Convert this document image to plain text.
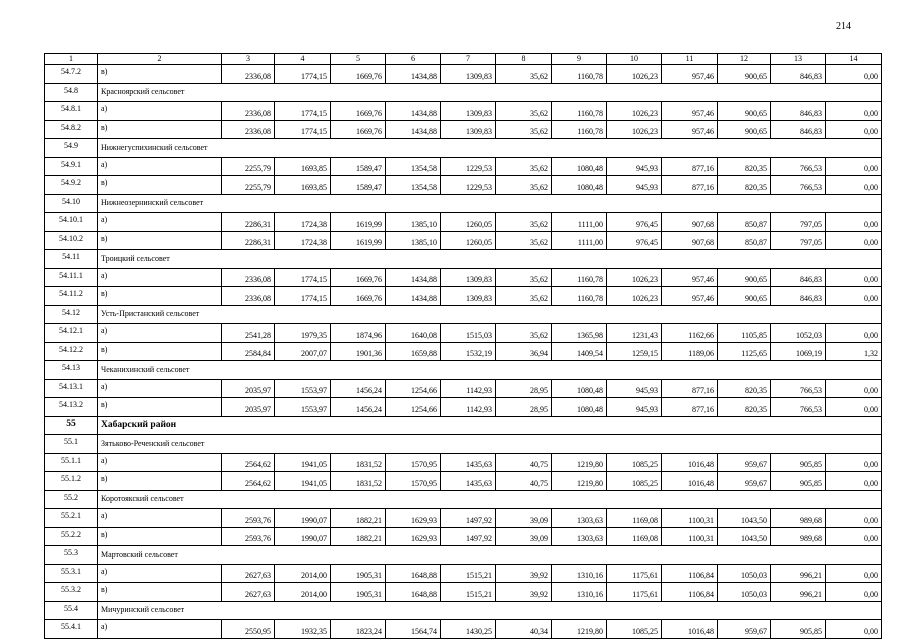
214
1	2	3	4	5	6	7	8	9	10	11	12	13	14
54.7.2	в)	2336,08	1774,15	1669,76	1434,88	1309,83	35,62	1160,78	1026,23	957,46	900,65	846,83	0,00
54.8	Красноярский сельсовет												
54.8.1	а)	2336,08	1774,15	1669,76	1434,88	1309,83	35,62	1160,78	1026,23	957,46	900,65	846,83	0,00
54.8.2	в)	2336,08	1774,15	1669,76	1434,88	1309,83	35,62	1160,78	1026,23	957,46	900,65	846,83	0,00
54.9	Нижнегуспихинский сельсовет												
54.9.1	а)	2255,79	1693,85	1589,47	1354,58	1229,53	35,62	1080,48	945,93	877,16	820,35	766,53	0,00
54.9.2	в)	2255,79	1693,85	1589,47	1354,58	1229,53	35,62	1080,48	945,93	877,16	820,35	766,53	0,00
54.10	Нижнеозернинский сельсовет												
54.10.1	а)	2286,31	1724,38	1619,99	1385,10	1260,05	35,62	1111,00	976,45	907,68	850,87	797,05	0,00
54.10.2	в)	2286,31	1724,38	1619,99	1385,10	1260,05	35,62	1111,00	976,45	907,68	850,87	797,05	0,00
54.11	Троицкий сельсовет												
54.11.1	а)	2336,08	1774,15	1669,76	1434,88	1309,83	35,62	1160,78	1026,23	957,46	900,65	846,83	0,00
54.11.2	в)	2336,08	1774,15	1669,76	1434,88	1309,83	35,62	1160,78	1026,23	957,46	900,65	846,83	0,00
54.12	Усть-Пристанский сельсовет												
54.12.1	а)	2541,28	1979,35	1874,96	1640,08	1515,03	35,62	1365,98	1231,43	1162,66	1105,85	1052,03	0,00
54.12.2	в)	2584,84	2007,07	1901,36	1659,88	1532,19	36,94	1409,54	1259,15	1189,06	1125,65	1069,19	1,32
54.13	Чеканихинский сельсовет												
54.13.1	а)	2035,97	1553,97	1456,24	1254,66	1142,93	28,95	1080,48	945,93	877,16	820,35	766,53	0,00
54.13.2	в)	2035,97	1553,97	1456,24	1254,66	1142,93	28,95	1080,48	945,93	877,16	820,35	766,53	0,00
55	Хабарский район												
55.1	Зятьково-Реченский сельсовет												
55.1.1	а)	2564,62	1941,05	1831,52	1570,95	1435,63	40,75	1219,80	1085,25	1016,48	959,67	905,85	0,00
55.1.2	в)	2564,62	1941,05	1831,52	1570,95	1435,63	40,75	1219,80	1085,25	1016,48	959,67	905,85	0,00
55.2	Коротоякский сельсовет												
55.2.1	а)	2593,76	1990,07	1882,21	1629,93	1497,92	39,09	1303,63	1169,08	1100,31	1043,50	989,68	0,00
55.2.2	в)	2593,76	1990,07	1882,21	1629,93	1497,92	39,09	1303,63	1169,08	1100,31	1043,50	989,68	0,00
55.3	Мартовский сельсовет												
55.3.1	а)	2627,63	2014,00	1905,31	1648,88	1515,21	39,92	1310,16	1175,61	1106,84	1050,03	996,21	0,00
55.3.2	в)	2627,63	2014,00	1905,31	1648,88	1515,21	39,92	1310,16	1175,61	1106,84	1050,03	996,21	0,00
55.4	Мичуринский сельсовет												
55.4.1	а)	2550,95	1932,35	1823,24	1564,74	1430,25	40,34	1219,80	1085,25	1016,48	959,67	905,85	0,00
